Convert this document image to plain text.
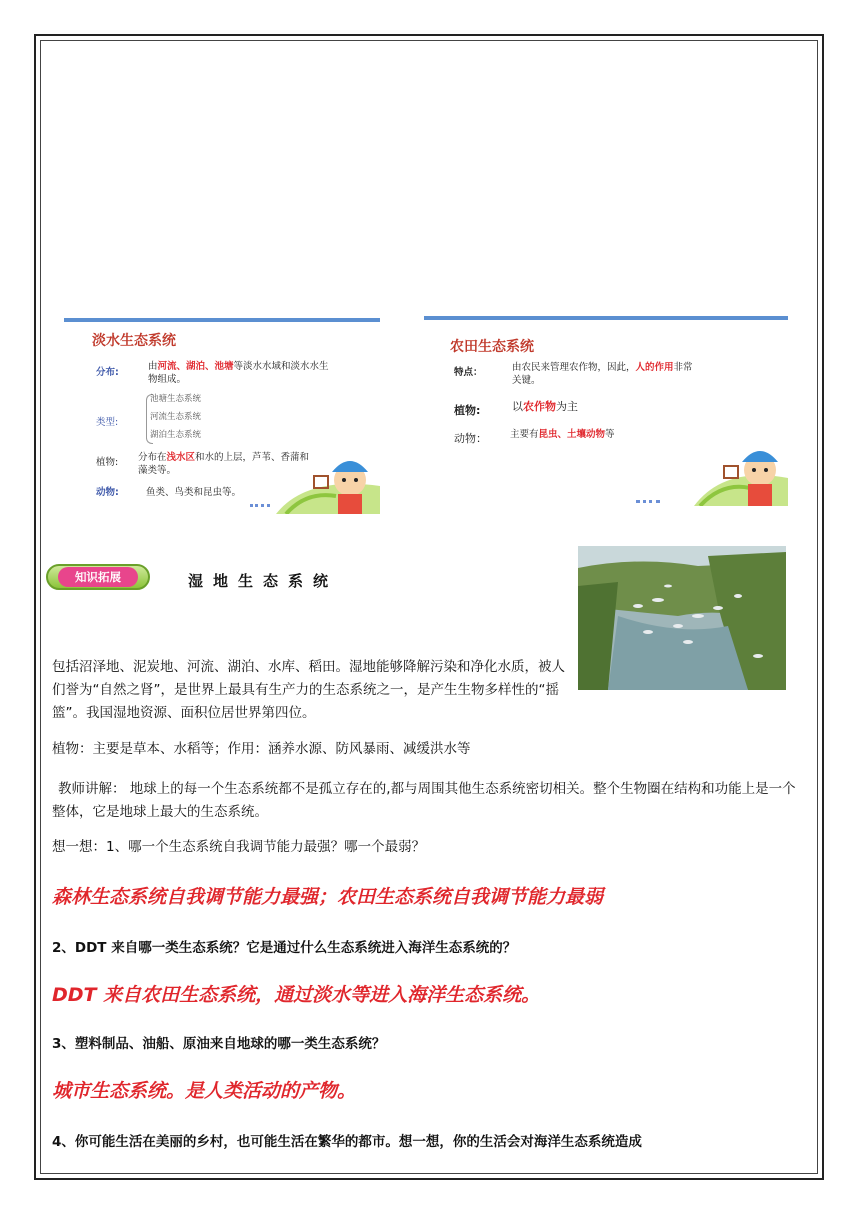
淡水生态系统
分布:
由河流、湖泊、池塘等淡水水域和淡水水生
物组成。
类型:
池塘生态系统
河流生态系统
湖泊生态系统
植物: 分布在浅水区和水的上层，芦苇、香蒲和
藻类等。
动物:	鱼类、鸟类和昆虫等。
农田生态系统
特点：	由农民来管理农作物，因此，人的作用非常
关键。
植物:	以农作物为主
动物： 主要有昆虫、土壤动物等
知识拓展	湿地生态系统
包括沼泽地、泥炭地、河流、湖泊、水库、稻田。湿地能够降解污染和净化水质，被人们誉为“自然之肾”，是世界上最具有生产力的生态系统之一，是产生生物多样性的“摇篮”。我国湿地资源、面积位居世界第四位。
植物：主要是草本、水稻等；作用：涵养水源、防风暴雨、减缓洪水等
教师讲解： 地球上的每一个生态系统都不是孤立存在的,都与周围其他生态系统密切相关。整个生物圈在结构和功能上是一个整体，它是地球上最大的生态系统。
想一想：1、哪一个生态系统自我调节能力最强？哪一个最弱？
森林生态系统自我调节能力最强；农田生态系统自我调节能力最弱
2、DDT 来自哪一类生态系统？它是通过什么生态系统进入海洋生态系统的？
DDT 来自农田生态系统，通过淡水等进入海洋生态系统。
3、塑料制品、油船、原油来自地球的哪一类生态系统？
城市生态系统。是人类活动的产物。
4、你可能生活在美丽的乡村，也可能生活在繁华的都市。想一想，你的生活会对海洋生态系统造成
